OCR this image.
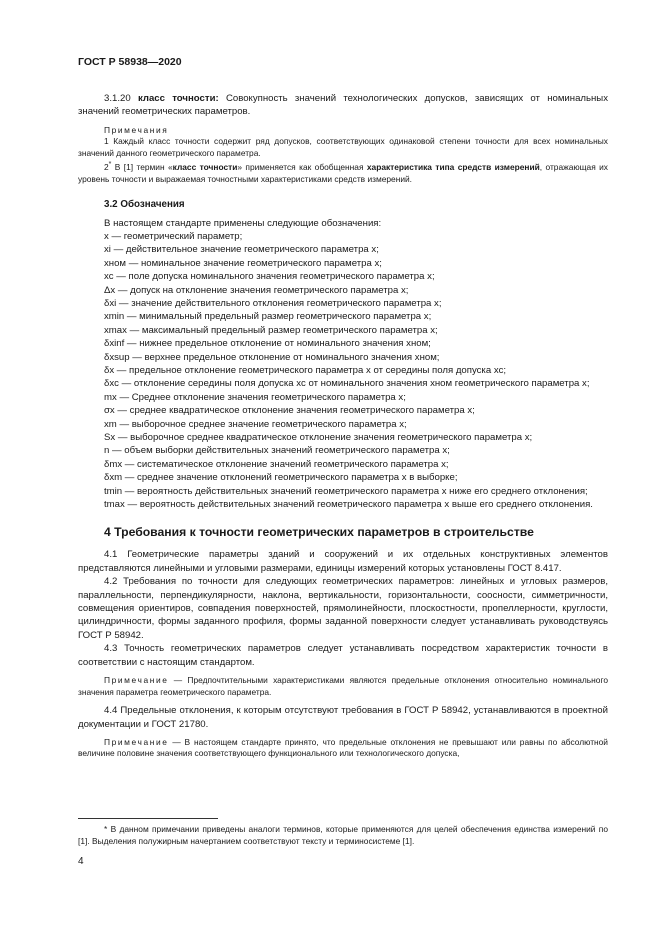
ГОСТ Р 58938—2020

3.1.20 класс точности: Совокупность значений технологических допусков, зависящих от номинальных значений геометрических параметров.

Примечания

1 Каждый класс точности содержит ряд допусков, соответствующих одинаковой степени точности для всех номинальных значений данного геометрического параметра.

2* В [1] термин «класс точности» применяется как обобщенная характеристика типа средств измерений, отражающая их уровень точности и выражаемая точностными характеристиками средств измерений.

3.2 Обозначения

В настоящем стандарте применены следующие обозначения:

x — геометрический параметр;

xi — действительное значение геометрического параметра x;

xном — номинальное значение геометрического параметра x;

xc — поле допуска номинального значения геометрического параметра x;

Δx — допуск на отклонение значения геометрического параметра x;

δxi — значение действительного отклонения геометрического параметра x;

xmin — минимальный предельный размер геометрического параметра x;

xmax — максимальный предельный размер геометрического параметра x;

δxinf — нижнее предельное отклонение от номинального значения xном;

δxsup — верхнее предельное отклонение от номинального значения xном;

δx — предельное отклонение геометрического параметра x от середины поля допуска xc;

δxc — отклонение середины поля допуска xc от номинального значения xном геометрического параметра x;

mx — Среднее отклонение значения геометрического параметра x;

σx — среднее квадратическое отклонение значения геометрического параметра x;

xm — выборочное среднее значение геометрического параметра x;

Sx — выборочное среднее квадратическое отклонение значения геометрического параметра x;

n — объем выборки действительных значений геометрического параметра x;

δmx — систематическое отклонение значений геометрического параметра x;

δxm — среднее значение отклонений геометрического параметра x в выборке;

tmin — вероятность действительных значений геометрического параметра x ниже его среднего отклонения;

tmax — вероятность действительных значений геометрического параметра x выше его среднего отклонения.

4 Требования к точности геометрических параметров в строительстве

4.1 Геометрические параметры зданий и сооружений и их отдельных конструктивных элементов представляются линейными и угловыми размерами, единицы измерений которых установлены ГОСТ 8.417.

4.2 Требования по точности для следующих геометрических параметров: линейных и угловых размеров, параллельности, перпендикулярности, наклона, вертикальности, горизонтальности, соосности, симметричности, совмещения ориентиров, совпадения поверхностей, прямолинейности, плоскостности, пропеллерности, круглости, цилиндричности, формы заданного профиля, формы заданной поверхности следует устанавливать руководствуясь ГОСТ Р 58942.

4.3 Точность геометрических параметров следует устанавливать посредством характеристик точности в соответствии с настоящим стандартом.

Примечание — Предпочтительными характеристиками являются предельные отклонения относительно номинального значения параметра геометрического параметра.

4.4 Предельные отклонения, к которым отсутствуют требования в ГОСТ Р 58942, устанавливаются в проектной документации и ГОСТ 21780.

Примечание — В настоящем стандарте принято, что предельные отклонения не превышают или равны по абсолютной величине половине значения соответствующего функционального или технологического допуска,

* В данном примечании приведены аналоги терминов, которые применяются для целей обеспечения единства измерений по [1]. Выделения полужирным начертанием соответствуют тексту и терминосистеме [1].
4
